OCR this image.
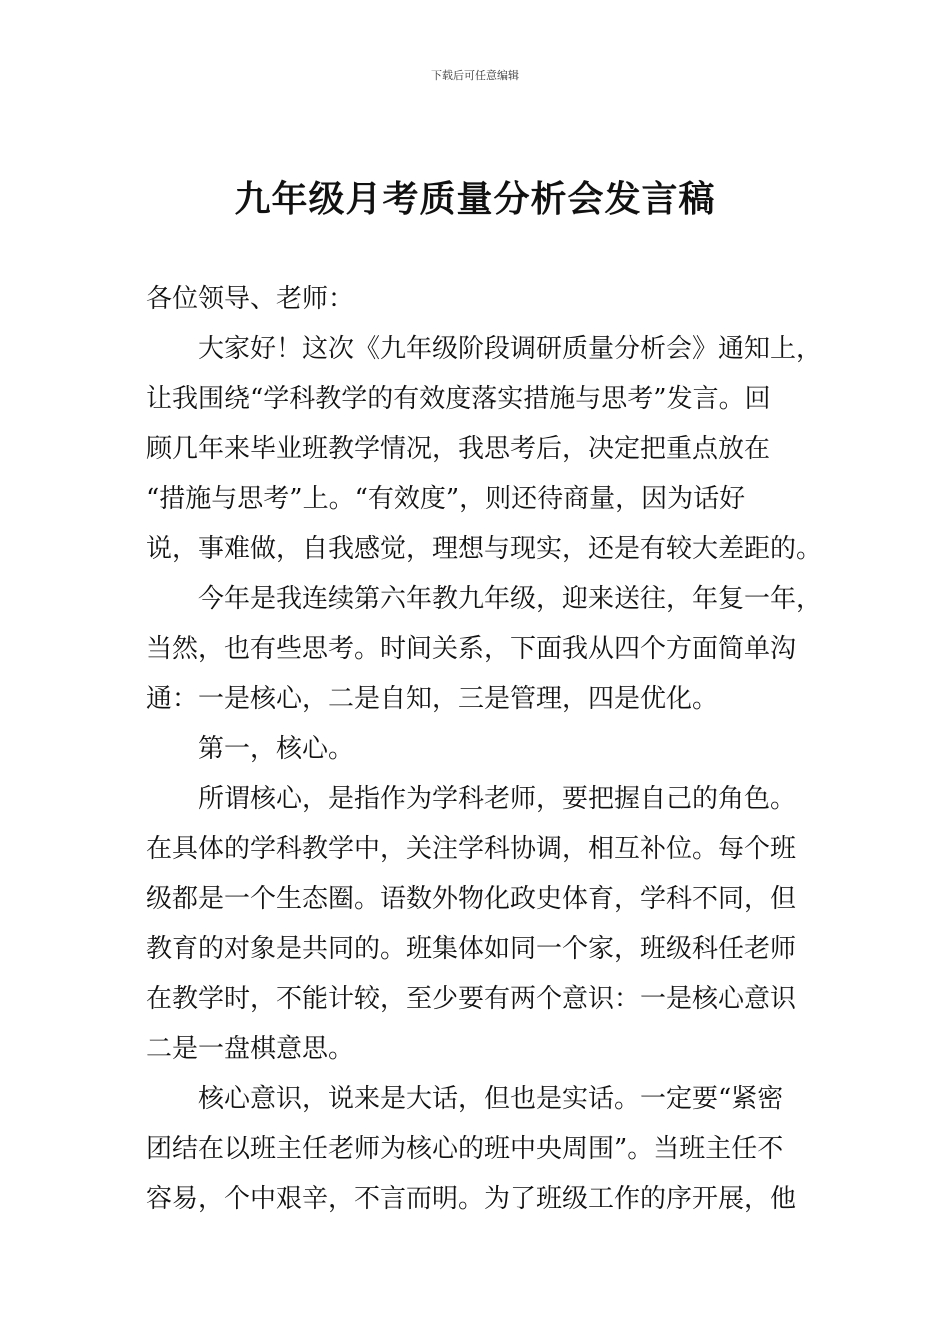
下载后可任意编辑
九年级月考质量分析会发言稿
各位领导、老师：
大家好！这次《九年级阶段调研质量分析会》通知上，
让我围绕“学科教学的有效度落实措施与思考”发言。回
顾几年来毕业班教学情况，我思考后，决定把重点放在
“措施与思考”上。“有效度”，则还待商量，因为话好
说，事难做，自我感觉，理想与现实，还是有较大差距的。
今年是我连续第六年教九年级，迎来送往，年复一年，
当然，也有些思考。时间关系，下面我从四个方面简单沟
通：一是核心，二是自知，三是管理，四是优化。
第一，核心。
所谓核心，是指作为学科老师，要把握自己的角色。
在具体的学科教学中，关注学科协调，相互补位。每个班
级都是一个生态圈。语数外物化政史体育，学科不同，但
教育的对象是共同的。班集体如同一个家，班级科任老师
在教学时，不能计较，至少要有两个意识：一是核心意识
二是一盘棋意思。
核心意识，说来是大话，但也是实话。一定要“紧密
团结在以班主任老师为核心的班中央周围”。当班主任不
容易，个中艰辛，不言而明。为了班级工作的序开展，他
